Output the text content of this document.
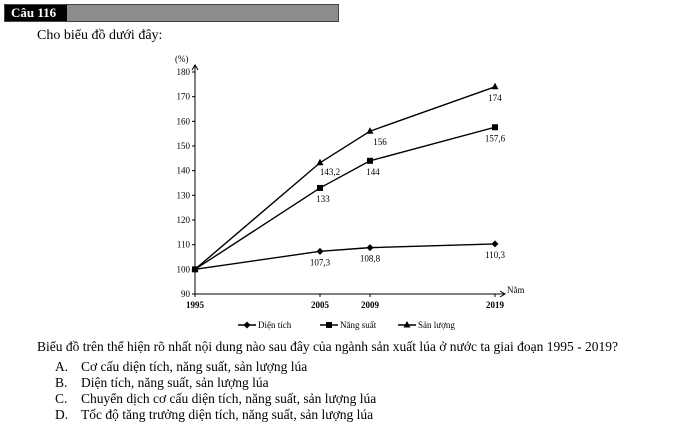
Câu 116
Cho biểu đồ dưới đây:
90
100
110
120
130
140
150
160
170
180
(%)
1995	2005	2009	2019
Năm
107,3	108,8	110,3
133
144
157,6
143,2
156
174
Diện tích	Năng suất	Sản lượng
Biểu đồ trên thể hiện rõ nhất nội dung nào sau đây của ngành sản xuất lúa ở nước ta giai đoạn 1995 - 2019?
A. Cơ cấu diện tích, năng suất, sản lượng lúa
B. Diện tích, năng suất, sản lượng lúa
C. Chuyển dịch cơ cấu diện tích, năng suất, sản lượng lúa
D. Tốc độ tăng trưởng diện tích, năng suất, sản lượng lúa
